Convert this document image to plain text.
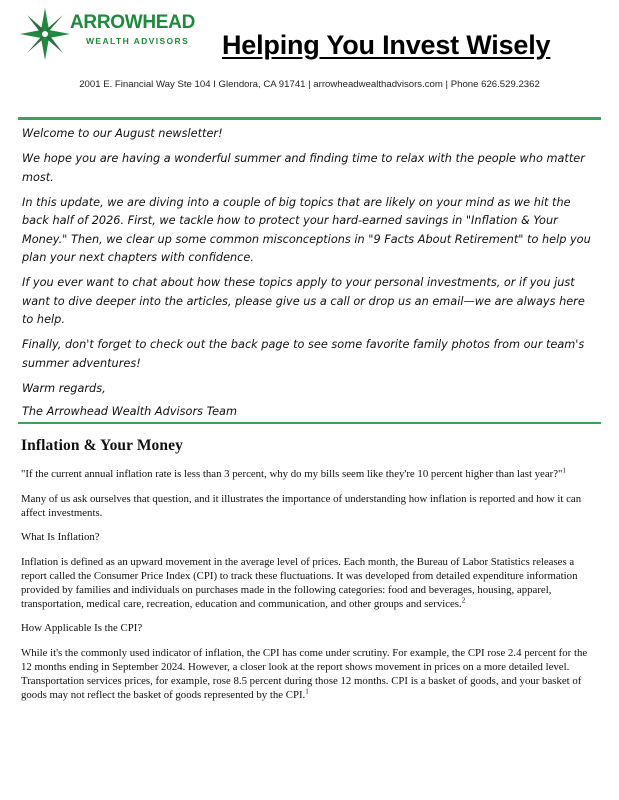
ARROWHEAD
WEALTH ADVISORS Helping You Invest Wisely
2001 E. Financial Way Ste 104 I Glendora, CA 91741 | arrowheadwealthadvisors.com | Phone 626.529.2362

Welcome to our August newsletter!

We hope you are having a wonderful summer and finding time to relax with the people who matter most.

In this update, we are diving into a couple of big topics that are likely on your mind as we hit the back half of 2026. First, we tackle how to protect your hard-earned savings in "Inflation & Your Money." Then, we clear up some common misconceptions in "9 Facts About Retirement" to help you plan your next chapters with confidence.

If you ever want to chat about how these topics apply to your personal investments, or if you just want to dive deeper into the articles, please give us a call or drop us an email—we are always here to help.

Finally, don't forget to check out the back page to see some favorite family photos from our team's summer adventures!

Warm regards,

The Arrowhead Wealth Advisors Team

Inflation & Your Money

"If the current annual inflation rate is less than 3 percent, why do my bills seem like they're 10 percent higher than last year?"$^1$

Many of us ask ourselves that question, and it illustrates the importance of understanding how inflation is reported and how it can affect investments.

What Is Inflation?

Inflation is defined as an upward movement in the average level of prices. Each month, the Bureau of Labor Statistics releases a report called the Consumer Price Index (CPI) to track these fluctuations. It was developed from detailed expenditure information provided by families and individuals on purchases made in the following categories: food and beverages, housing, apparel, transportation, medical care, recreation, education and communication, and other groups and services.$^2$

How Applicable Is the CPI?

While it's the commonly used indicator of inflation, the CPI has come under scrutiny. For example, the CPI rose 2.4 percent for the 12 months ending in September 2024. However, a closer look at the report shows movement in prices on a more detailed level. Transportation services prices, for example, rose 8.5 percent during those 12 months. CPI is a basket of goods, and your basket of goods may not reflect the basket of goods represented by the CPI.$^1$
